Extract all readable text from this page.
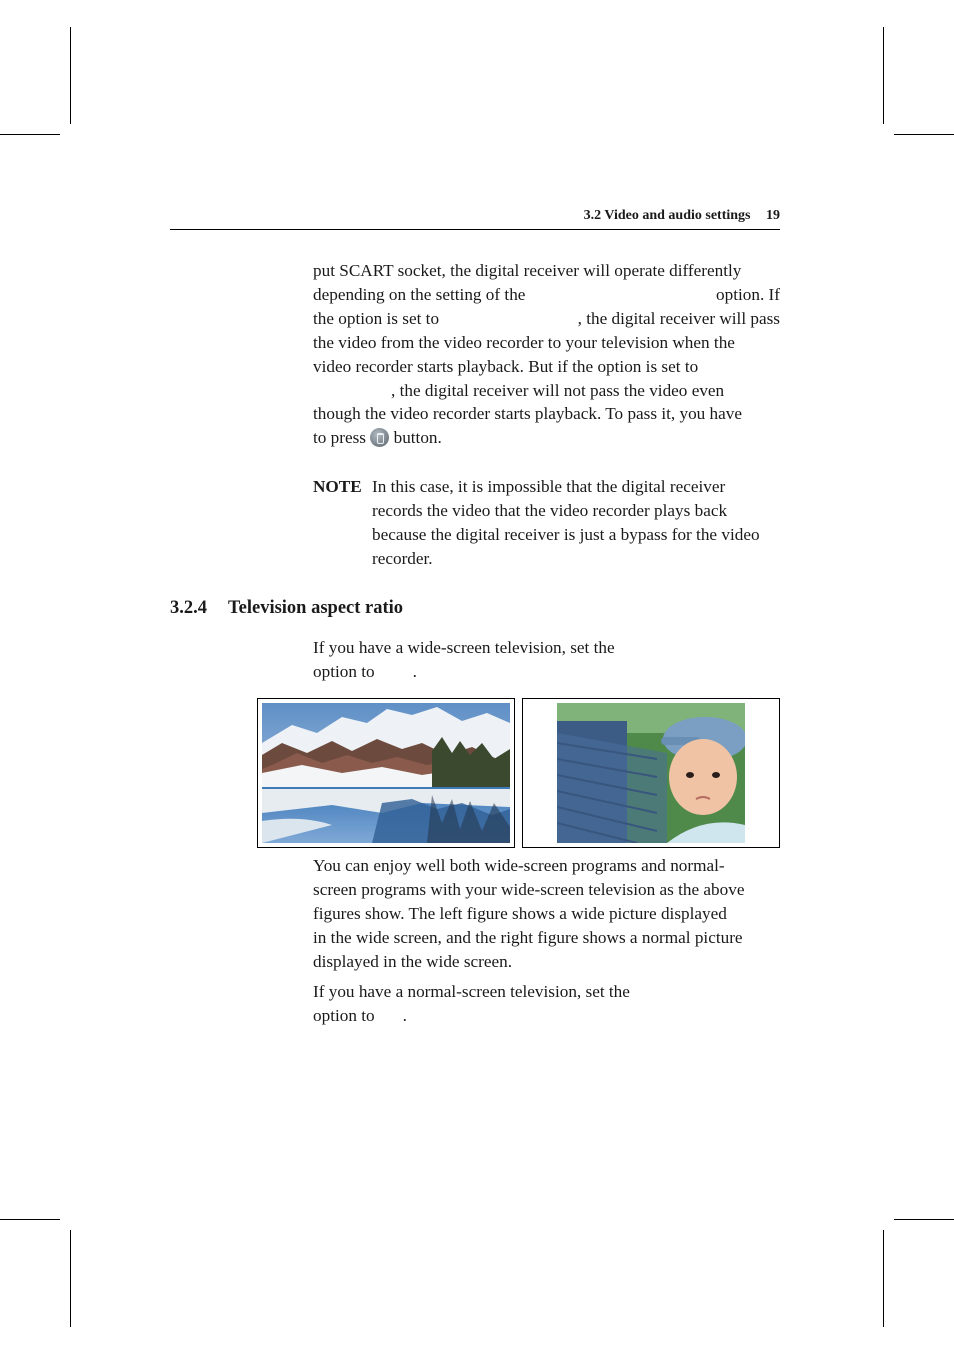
3.2 Video and audio settings 19
put SCART socket, the digital receiver will operate differently
depending on the setting of the	option. If
the option is set to	, the digital receiver will pass
the video from the video recorder to your television when the
video recorder starts playback. But if the option is set to
, the digital receiver will not pass the video even
though the video recorder starts playback. To pass it, you have
to press button.
NOTE In this case, it is impossible that the digital receiver
records the video that the video recorder plays back
because the digital receiver is just a bypass for the video
recorder.
3.2.4 Television aspect ratio
If you have a wide-screen television, set the
option to .
You can enjoy well both wide-screen programs and normal-
screen programs with your wide-screen television as the above
figures show. The left figure shows a wide picture displayed
in the wide screen, and the right figure shows a normal picture
displayed in the wide screen.
If you have a normal-screen television, set the
option to .
